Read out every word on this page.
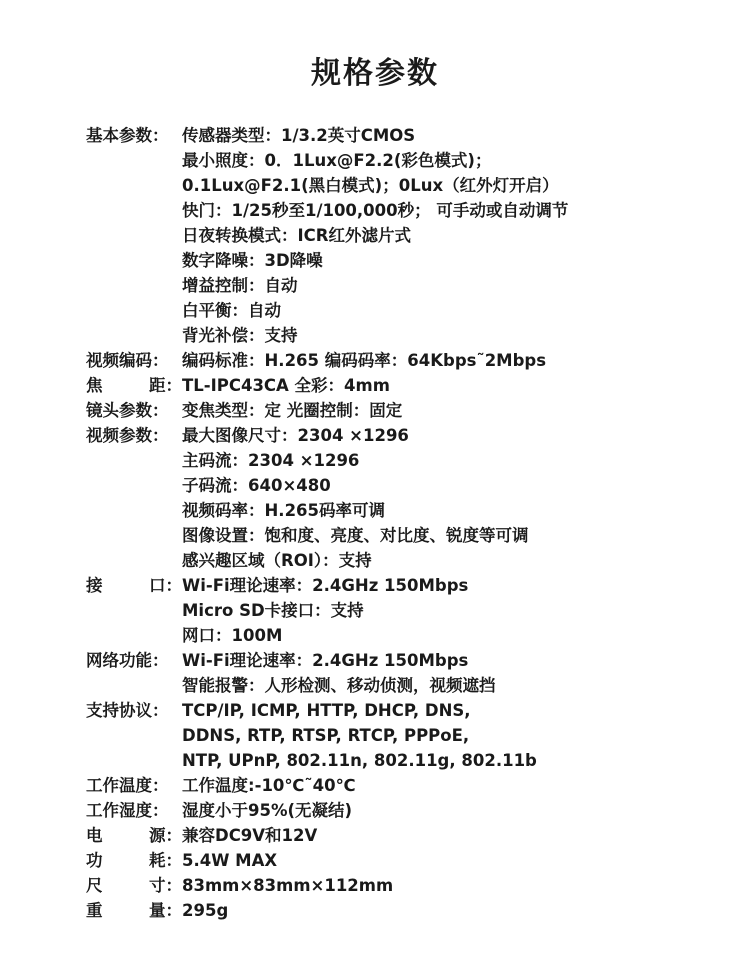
规格参数
基本参数： 传感器类型：1/3.2英寸CMOS
最小照度：0．1Lux@F2.2(彩色模式)；
0.1Lux@F2.1(黑白模式)；0Lux（红外灯开启）
快门：1/25秒至1/100,000秒； 可手动或自动调节
日夜转换模式：ICR红外滤片式
数字降噪：3D降噪
增益控制：自动
白平衡：自动
背光补偿：支持
视频编码： 编码标准：H.265 编码码率：64Kbps˜2Mbps
焦	距： TL-IPC43CA 全彩：4mm
镜头参数： 变焦类型：定 光圈控制：固定
视频参数： 最大图像尺寸：2304 ×1296
主码流：2304 ×1296
子码流：640×480
视频码率：H.265码率可调
图像设置：饱和度、亮度、对比度、锐度等可调
感兴趣区域（ROI）：支持
接	口： Wi-Fi理论速率：2.4GHz 150Mbps
Micro SD卡接口：支持
网口：100M
网络功能： Wi-Fi理论速率：2.4GHz 150Mbps
智能报警：人形检测、移动侦测，视频遮挡
支持协议： TCP/IP, ICMP, HTTP, DHCP, DNS,
DDNS, RTP, RTSP, RTCP, PPPoE,
NTP, UPnP, 802.11n, 802.11g, 802.11b
工作温度： 工作温度:-10℃˜40℃
工作湿度： 湿度小于95%(无凝结)
电	源： 兼容DC9V和12V
功	耗： 5.4W MAX
尺	寸： 83mm×83mm×112mm
重	量： 295g
